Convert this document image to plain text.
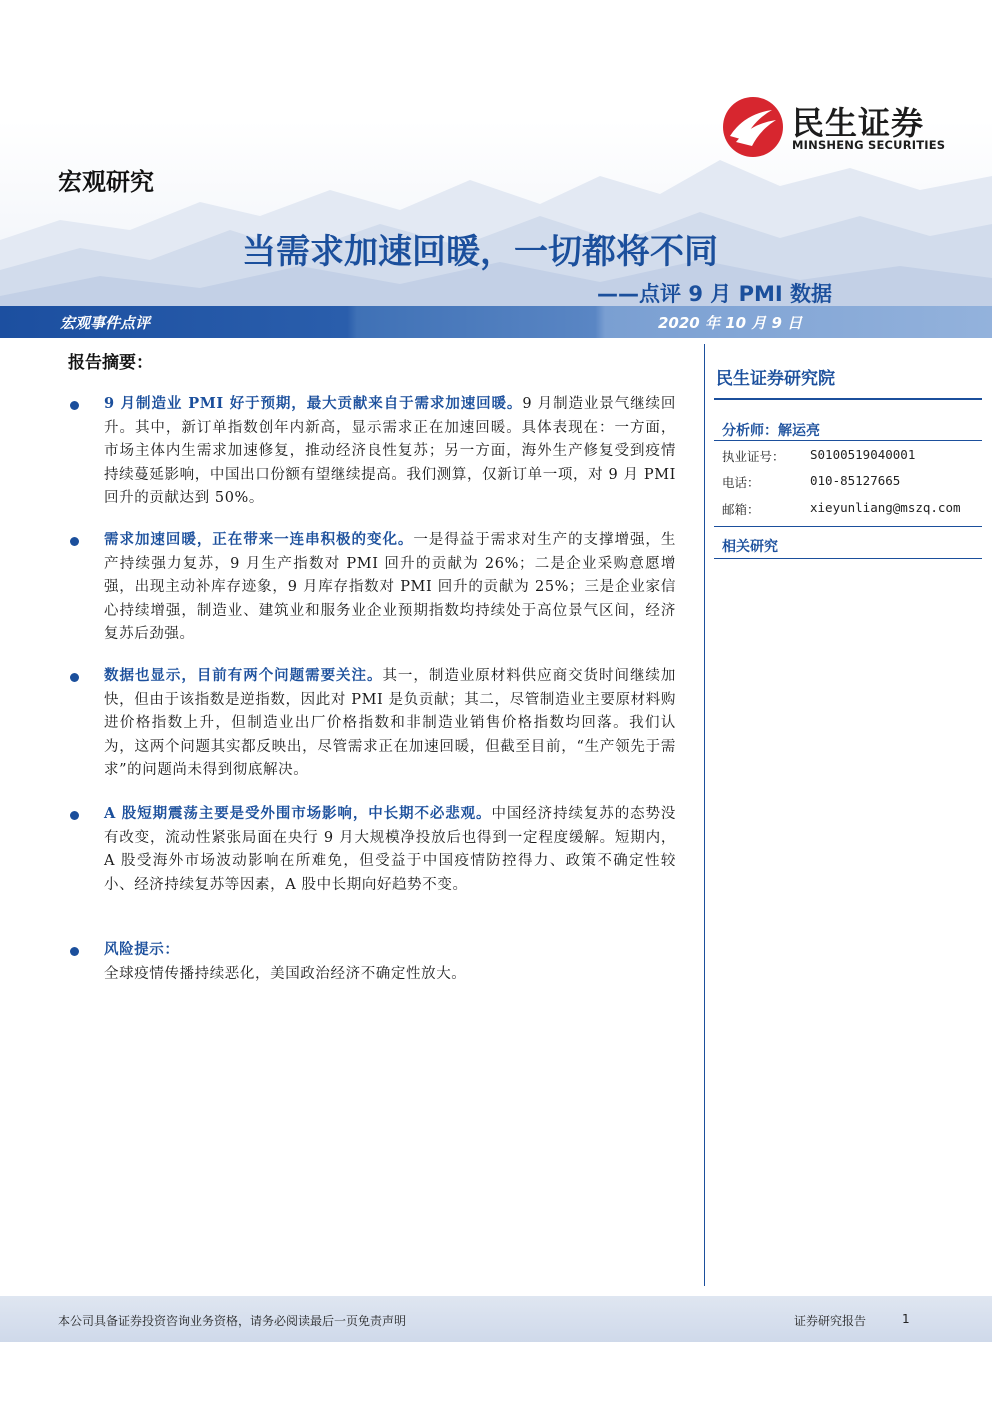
民生证券
MINSHENG SECURITIES
宏观研究
当需求加速回暖，一切都将不同
——点评 9 月 PMI 数据
宏观事件点评	2020 年 10 月 9 日
报告摘要：
9 月制造业 PMI 好于预期，最大贡献来自于需求加速回暖。9 月制造业景气继续回升。其中，新订单指数创年内新高，显示需求正在加速回暖。具体表现在：一方面，市场主体内生需求加速修复，推动经济良性复苏；另一方面，海外生产修复受到疫情持续蔓延影响，中国出口份额有望继续提高。我们测算，仅新订单一项，对 9 月 PMI 回升的贡献达到 50%。
需求加速回暖，正在带来一连串积极的变化。一是得益于需求对生产的支撑增强，生产持续强力复苏，9 月生产指数对 PMI 回升的贡献为 26%；二是企业采购意愿增强，出现主动补库存迹象，9 月库存指数对 PMI 回升的贡献为 25%；三是企业家信心持续增强，制造业、建筑业和服务业企业预期指数均持续处于高位景气区间，经济复苏后劲强。
数据也显示，目前有两个问题需要关注。其一，制造业原材料供应商交货时间继续加快，但由于该指数是逆指数，因此对 PMI 是负贡献；其二，尽管制造业主要原材料购进价格指数上升，但制造业出厂价格指数和非制造业销售价格指数均回落。我们认为，这两个问题其实都反映出，尽管需求正在加速回暖，但截至目前，“生产领先于需求”的问题尚未得到彻底解决。
A 股短期震荡主要是受外围市场影响，中长期不必悲观。中国经济持续复苏的态势没有改变，流动性紧张局面在央行 9 月大规模净投放后也得到一定程度缓解。短期内，A 股受海外市场波动影响在所难免，但受益于中国疫情防控得力、政策不确定性较小、经济持续复苏等因素，A 股中长期向好趋势不变。
风险提示：
全球疫情传播持续恶化，美国政治经济不确定性放大。
民生证券研究院
分析师：解运亮
执业证号： S0100519040001
电话：	010-85127665
邮箱：	xieyunliang@mszq.com
相关研究
本公司具备证券投资咨询业务资格，请务必阅读最后一页免责声明	证券研究报告	1
